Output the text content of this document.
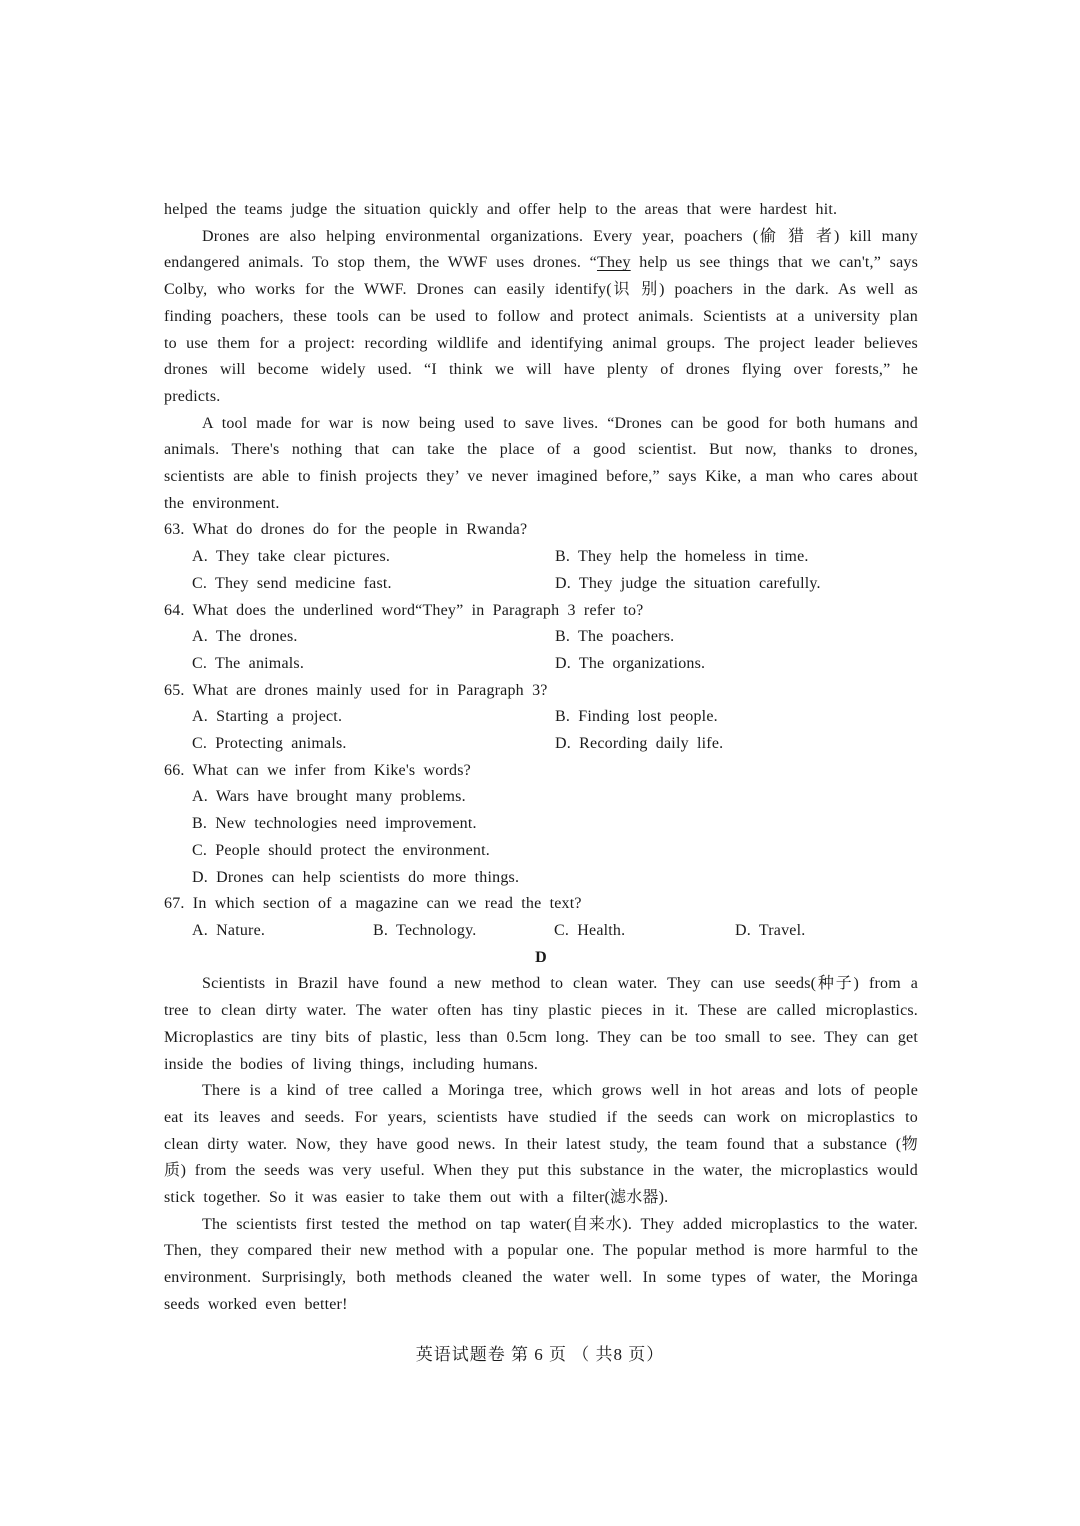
helped the teams judge the situation quickly and offer help to the areas that were hardest hit.

Drones are also helping environmental organizations. Every year, poachers (偷 猎 者) kill many endangered animals. To stop them, the WWF uses drones. “They help us see things that we can't,” says Colby, who works for the WWF. Drones can easily identify(识 别) poachers in the dark. As well as finding poachers, these tools can be used to follow and protect animals. Scientists at a university plan to use them for a project: recording wildlife and identifying animal groups. The project leader believes drones will become widely used. “I think we will have plenty of drones flying over forests,” he predicts.

A tool made for war is now being used to save lives. “Drones can be good for both humans and animals. There's nothing that can take the place of a good scientist. But now, thanks to drones, scientists are able to finish projects they’ ve never imagined before,” says Kike, a man who cares about the environment.

63. What do drones do for the people in Rwanda?

A. They take clear pictures.	B. They help the homeless in time.
C. They send medicine fast.	D. They judge the situation carefully.

64. What does the underlined word“They” in Paragraph 3 refer to?

A. The drones.	B. The poachers.
C. The animals.	D. The organizations.

65. What are drones mainly used for in Paragraph 3?

A. Starting a project.	B. Finding lost people.
C. Protecting animals.	D. Recording daily life.

66. What can we infer from Kike's words?

A. Wars have brought many problems.
B. New technologies need improvement.
C. People should protect the environment.
D. Drones can help scientists do more things.

67. In which section of a magazine can we read the text?

A. Nature.	B. Technology.	C. Health.	D. Travel.
D

Scientists in Brazil have found a new method to clean water. They can use seeds(种子) from a tree to clean dirty water. The water often has tiny plastic pieces in it. These are called microplastics. Microplastics are tiny bits of plastic, less than 0.5cm long. They can be too small to see. They can get inside the bodies of living things, including humans.

There is a kind of tree called a Moringa tree, which grows well in hot areas and lots of people eat its leaves and seeds. For years, scientists have studied if the seeds can work on microplastics to clean dirty water. Now, they have good news. In their latest study, the team found that a substance (物 质) from the seeds was very useful. When they put this substance in the water, the microplastics would stick together. So it was easier to take them out with a filter(滤水器).

The scientists first tested the method on tap water(自来水). They added microplastics to the water. Then, they compared their new method with a popular one. The popular method is more harmful to the environment. Surprisingly, both methods cleaned the water well. In some types of water, the Moringa seeds worked even better!

英语试题卷 第 6 页 （ 共8 页）
